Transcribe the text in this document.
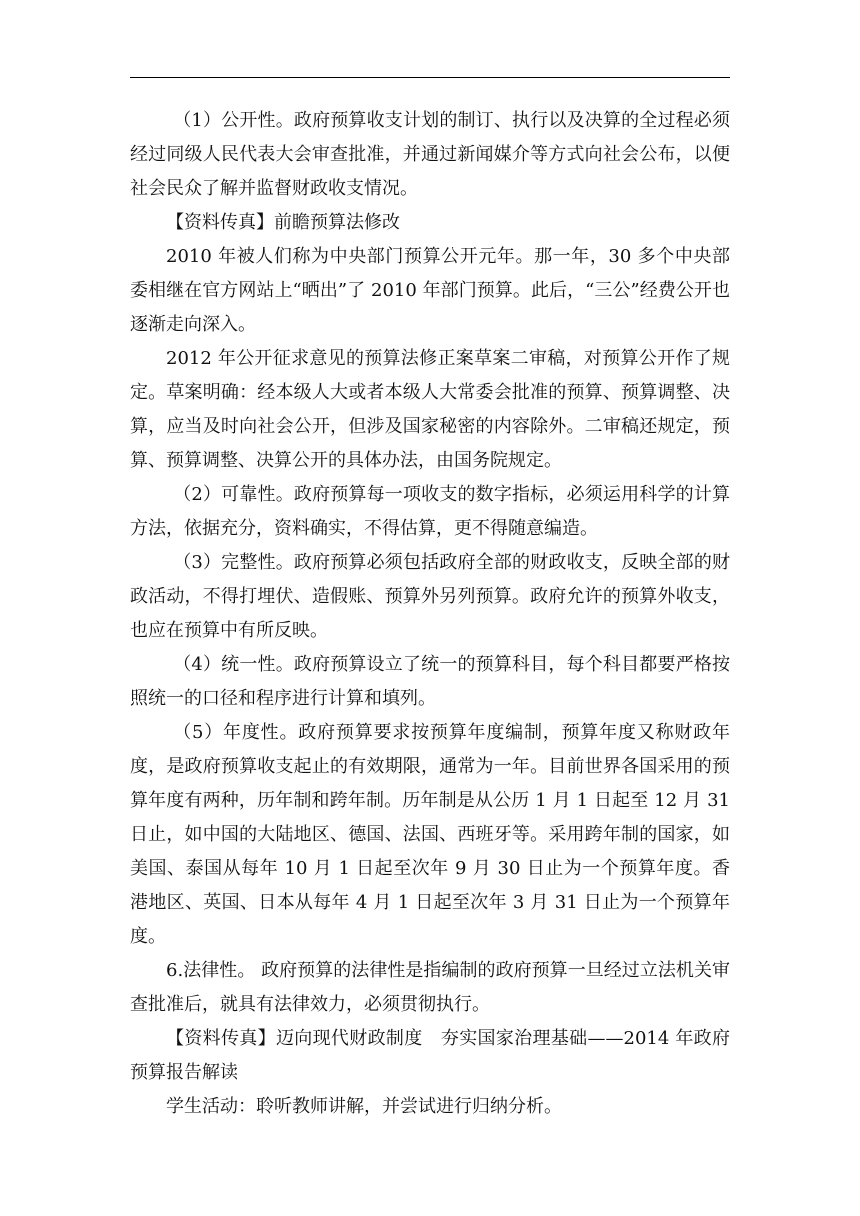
（1）公开性。政府预算收支计划的制订、执行以及决算的全过程必须经过同级人民代表大会审查批准，并通过新闻媒介等方式向社会公布，以便社会民众了解并监督财政收支情况。

【资料传真】前瞻预算法修改

2010 年被人们称为中央部门预算公开元年。那一年，30 多个中央部委相继在官方网站上“晒出”了 2010 年部门预算。此后，“三公”经费公开也逐渐走向深入。

2012 年公开征求意见的预算法修正案草案二审稿，对预算公开作了规定。草案明确：经本级人大或者本级人大常委会批准的预算、预算调整、决算，应当及时向社会公开，但涉及国家秘密的内容除外。二审稿还规定，预算、预算调整、决算公开的具体办法，由国务院规定。

（2）可靠性。政府预算每一项收支的数字指标，必须运用科学的计算方法，依据充分，资料确实，不得估算，更不得随意编造。

（3）完整性。政府预算必须包括政府全部的财政收支，反映全部的财政活动，不得打埋伏、造假账、预算外另列预算。政府允许的预算外收支，也应在预算中有所反映。

（4）统一性。政府预算设立了统一的预算科目，每个科目都要严格按照统一的口径和程序进行计算和填列。

（5）年度性。政府预算要求按预算年度编制，预算年度又称财政年度，是政府预算收支起止的有效期限，通常为一年。目前世界各国采用的预算年度有两种，历年制和跨年制。历年制是从公历 1 月 1 日起至 12 月 31 日止，如中国的大陆地区、德国、法国、西班牙等。采用跨年制的国家，如美国、泰国从每年 10 月 1 日起至次年 9 月 30 日止为一个预算年度。香港地区、英国、日本从每年 4 月 1 日起至次年 3 月 31 日止为一个预算年度。

6.法律性。 政府预算的法律性是指编制的政府预算一旦经过立法机关审查批准后，就具有法律效力，必须贯彻执行。

【资料传真】迈向现代财政制度　夯实国家治理基础——2014 年政府预算报告解读

学生活动：聆听教师讲解，并尝试进行归纳分析。
